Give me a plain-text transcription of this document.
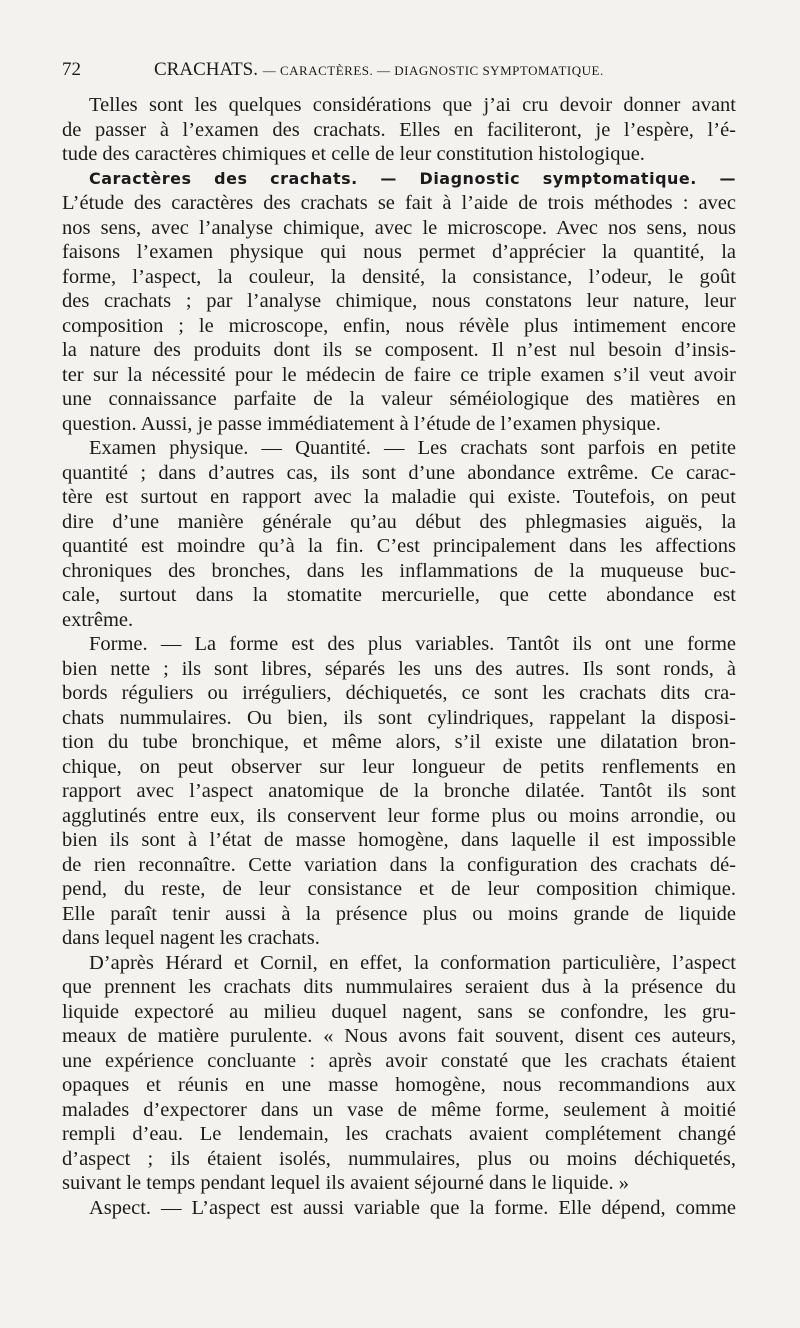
72	CRACHATS. — CARACTÈRES. — DIAGNOSTIC SYMPTOMATIQUE.

Telles sont les quelques considérations que j’ai cru devoir donner avant

de passer à l’examen des crachats. Elles en faciliteront, je l’espère, l’é-

tude des caractères chimiques et celle de leur constitution histologique.

Caractères des crachats. — Diagnostic symptomatique. —

L’étude des caractères des crachats se fait à l’aide de trois méthodes : avec

nos sens, avec l’analyse chimique, avec le microscope. Avec nos sens, nous

faisons l’examen physique qui nous permet d’apprécier la quantité, la

forme, l’aspect, la couleur, la densité, la consistance, l’odeur, le goût

des crachats ; par l’analyse chimique, nous constatons leur nature, leur

composition ; le microscope, enfin, nous révèle plus intimement encore

la nature des produits dont ils se composent. Il n’est nul besoin d’insis-

ter sur la nécessité pour le médecin de faire ce triple examen s’il veut avoir

une connaissance parfaite de la valeur séméiologique des matières en

question. Aussi, je passe immédiatement à l’étude de l’examen physique.

Examen physique. — Quantité. — Les crachats sont parfois en petite

quantité ; dans d’autres cas, ils sont d’une abondance extrême. Ce carac-

tère est surtout en rapport avec la maladie qui existe. Toutefois, on peut

dire d’une manière générale qu’au début des phlegmasies aiguës, la

quantité est moindre qu’à la fin. C’est principalement dans les affections

chroniques des bronches, dans les inflammations de la muqueuse buc-

cale, surtout dans la stomatite mercurielle, que cette abondance est

extrême.

Forme. — La forme est des plus variables. Tantôt ils ont une forme

bien nette ; ils sont libres, séparés les uns des autres. Ils sont ronds, à

bords réguliers ou irréguliers, déchiquetés, ce sont les crachats dits cra-

chats nummulaires. Ou bien, ils sont cylindriques, rappelant la disposi-

tion du tube bronchique, et même alors, s’il existe une dilatation bron-

chique, on peut observer sur leur longueur de petits renflements en

rapport avec l’aspect anatomique de la bronche dilatée. Tantôt ils sont

agglutinés entre eux, ils conservent leur forme plus ou moins arrondie, ou

bien ils sont à l’état de masse homogène, dans laquelle il est impossible

de rien reconnaître. Cette variation dans la configuration des crachats dé-

pend, du reste, de leur consistance et de leur composition chimique.

Elle paraît tenir aussi à la présence plus ou moins grande de liquide

dans lequel nagent les crachats.

D’après Hérard et Cornil, en effet, la conformation particulière, l’aspect

que prennent les crachats dits nummulaires seraient dus à la présence du

liquide expectoré au milieu duquel nagent, sans se confondre, les gru-

meaux de matière purulente. « Nous avons fait souvent, disent ces auteurs,

une expérience concluante : après avoir constaté que les crachats étaient

opaques et réunis en une masse homogène, nous recommandions aux

malades d’expectorer dans un vase de même forme, seulement à moitié

rempli d’eau. Le lendemain, les crachats avaient complétement changé

d’aspect ; ils étaient isolés, nummulaires, plus ou moins déchiquetés,

suivant le temps pendant lequel ils avaient séjourné dans le liquide. »

Aspect. — L’aspect est aussi variable que la forme. Elle dépend, comme
